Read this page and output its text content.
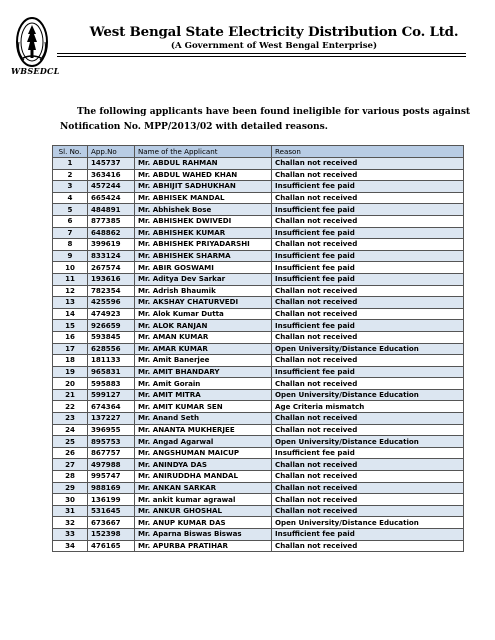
WBSEDCL
West Bengal State Electricity Distribution Co. Ltd.
(A Government of West Bengal Enterprise)
The following applicants have been found ineligible for various posts against
Notification No. MPP/2013/02 with detailed reasons.
Sl. No.	App.No	Name of the Applicant	Reason
1	145737	Mr. ABDUL RAHMAN	Challan not received
2	363416	Mr. ABDUL WAHED KHAN	Challan not received
3	457244	Mr. ABHIJIT SADHUKHAN	Insufficient fee paid
4	665424	Mr. ABHISEK MANDAL	Challan not received
5	484891	Mr. Abhishek Bose	Insufficient fee paid
6	877385	Mr. ABHISHEK DWIVEDI	Challan not received
7	648862	Mr. ABHISHEK KUMAR	Insufficient fee paid
8	399619	Mr. ABHISHEK PRIYADARSHI	Challan not received
9	833124	Mr. ABHISHEK SHARMA	Insufficient fee paid
10	267574	Mr. ABIR GOSWAMI	Insufficient fee paid
11	193616	Mr. Aditya Dev Sarkar	Insufficient fee paid
12	782354	Mr. Adrish Bhaumik	Challan not received
13	425596	Mr. AKSHAY CHATURVEDI	Challan not received
14	474923	Mr. Alok Kumar Dutta	Challan not received
15	926659	Mr. ALOK RANJAN	Insufficient fee paid
16	593845	Mr. AMAN KUMAR	Challan not received
17	628556	Mr. AMAR KUMAR	Open University/Distance Education
18	181133	Mr. Amit Banerjee	Challan not received
19	965831	Mr. AMIT BHANDARY	Insufficient fee paid
20	595883	Mr. Amit Gorain	Challan not received
21	599127	Mr. AMIT MITRA	Open University/Distance Education
22	674364	Mr. AMIT KUMAR SEN	Age Criteria mismatch
23	137227	Mr. Anand Seth	Challan not received
24	396955	Mr. ANANTA MUKHERJEE	Challan not received
25	895753	Mr. Angad Agarwal	Open University/Distance Education
26	867757	Mr. ANGSHUMAN MAICUP	Insufficient fee paid
27	497988	Mr. ANINDYA DAS	Challan not received
28	995747	Mr. ANIRUDDHA MANDAL	Challan not received
29	988169	Mr. ANKAN SARKAR	Challan not received
30	136199	Mr. ankit kumar agrawal	Challan not received
31	531645	Mr. ANKUR GHOSHAL	Challan not received
32	673667	Mr. ANUP KUMAR DAS	Open University/Distance Education
33	152398	Mr. Aparna Biswas Biswas	Insufficient fee paid
34	476165	Mr. APURBA PRATIHAR	Challan not received
